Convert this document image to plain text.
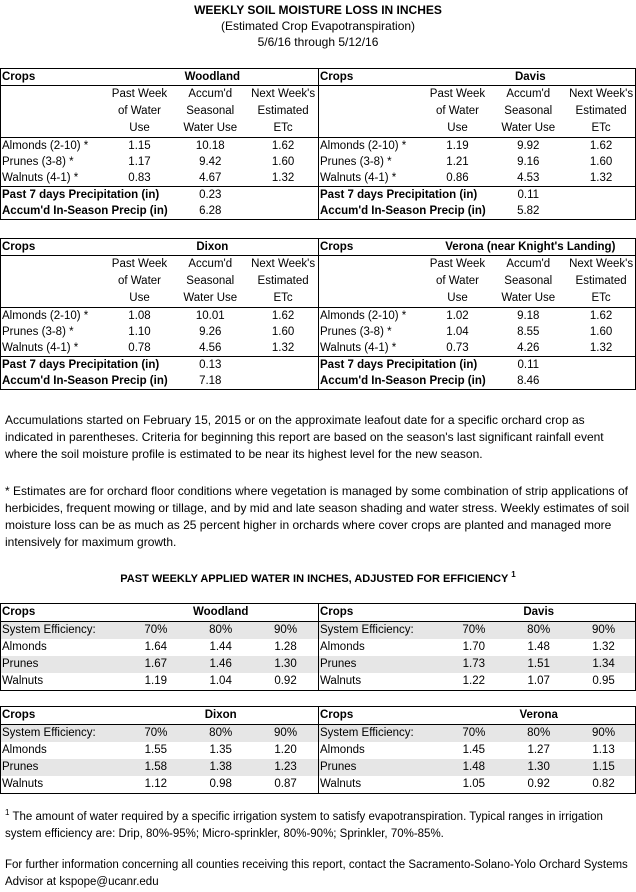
WEEKLY SOIL MOISTURE LOSS IN INCHES
(Estimated Crop Evapotranspiration)
5/6/16 through 5/12/16
Crops	Woodland		
	Past Week	Accum'd	Next Week's
	of Water	Seasonal	Estimated
	Use	Water Use	ETc
Almonds (2-10) *	1.15	10.18	1.62
Prunes (3-8) *	1.17	9.42	1.60
Walnuts (4-1) *	0.83	4.67	1.32
Past 7 days Precipitation (in)		0.23	
Accum'd In-Season Precip (in)		6.28	
Crops	Davis		
	Past Week	Accum'd	Next Week's
	of Water	Seasonal	Estimated
	Use	Water Use	ETc
Almonds (2-10) *	1.19	9.92	1.62
Prunes (3-8) *	1.21	9.16	1.60
Walnuts (4-1) *	0.86	4.53	1.32
Past 7 days Precipitation (in)		0.11	
Accum'd In-Season Precip (in)		5.82	
Crops	Dixon		
	Past Week	Accum'd	Next Week's
	of Water	Seasonal	Estimated
	Use	Water Use	ETc
Almonds (2-10) *	1.08	10.01	1.62
Prunes (3-8) *	1.10	9.26	1.60
Walnuts (4-1) *	0.78	4.56	1.32
Past 7 days Precipitation (in)		0.13	
Accum'd In-Season Precip (in)		7.18	
Crops	Verona (near Knight's Landing)		
	Past Week	Accum'd	Next Week's
	of Water	Seasonal	Estimated
	Use	Water Use	ETc
Almonds (2-10) *	1.02	9.18	1.62
Prunes (3-8) *	1.04	8.55	1.60
Walnuts (4-1) *	0.73	4.26	1.32
Past 7 days Precipitation (in)		0.11	
Accum'd In-Season Precip (in)		8.46	
Accumulations started on February 15, 2015 or on the approximate leafout date for a specific orchard crop as indicated in parentheses. Criteria for beginning this report are based on the season's last significant rainfall event where the soil moisture profile is estimated to be near its highest level for the new season.
* Estimates are for orchard floor conditions where vegetation is managed by some combination of strip applications of herbicides, frequent mowing or tillage, and by mid and late season shading and water stress. Weekly estimates of soil moisture loss can be as much as 25 percent higher in orchards where cover crops are planted and managed more intensively for maximum growth.
PAST WEEKLY APPLIED WATER IN INCHES, ADJUSTED FOR EFFICIENCY $^1$
Crops	Woodland		
System Efficiency:	70%	80%	90%
Almonds	1.64	1.44	1.28
Prunes	1.67	1.46	1.30
Walnuts	1.19	1.04	0.92
Crops	Davis		
System Efficiency:	70%	80%	90%
Almonds	1.70	1.48	1.32
Prunes	1.73	1.51	1.34
Walnuts	1.22	1.07	0.95
Crops	Dixon		
System Efficiency:	70%	80%	90%
Almonds	1.55	1.35	1.20
Prunes	1.58	1.38	1.23
Walnuts	1.12	0.98	0.87
Crops	Verona		
System Efficiency:	70%	80%	90%
Almonds	1.45	1.27	1.13
Prunes	1.48	1.30	1.15
Walnuts	1.05	0.92	0.82
$^1$ The amount of water required by a specific irrigation system to satisfy evapotranspiration. Typical ranges in irrigation system efficiency are: Drip, 80%-95%; Micro-sprinkler, 80%-90%; Sprinkler, 70%-85%.
For further information concerning all counties receiving this report, contact the Sacramento-Solano-Yolo Orchard Systems Advisor at kspope@ucanr.edu
